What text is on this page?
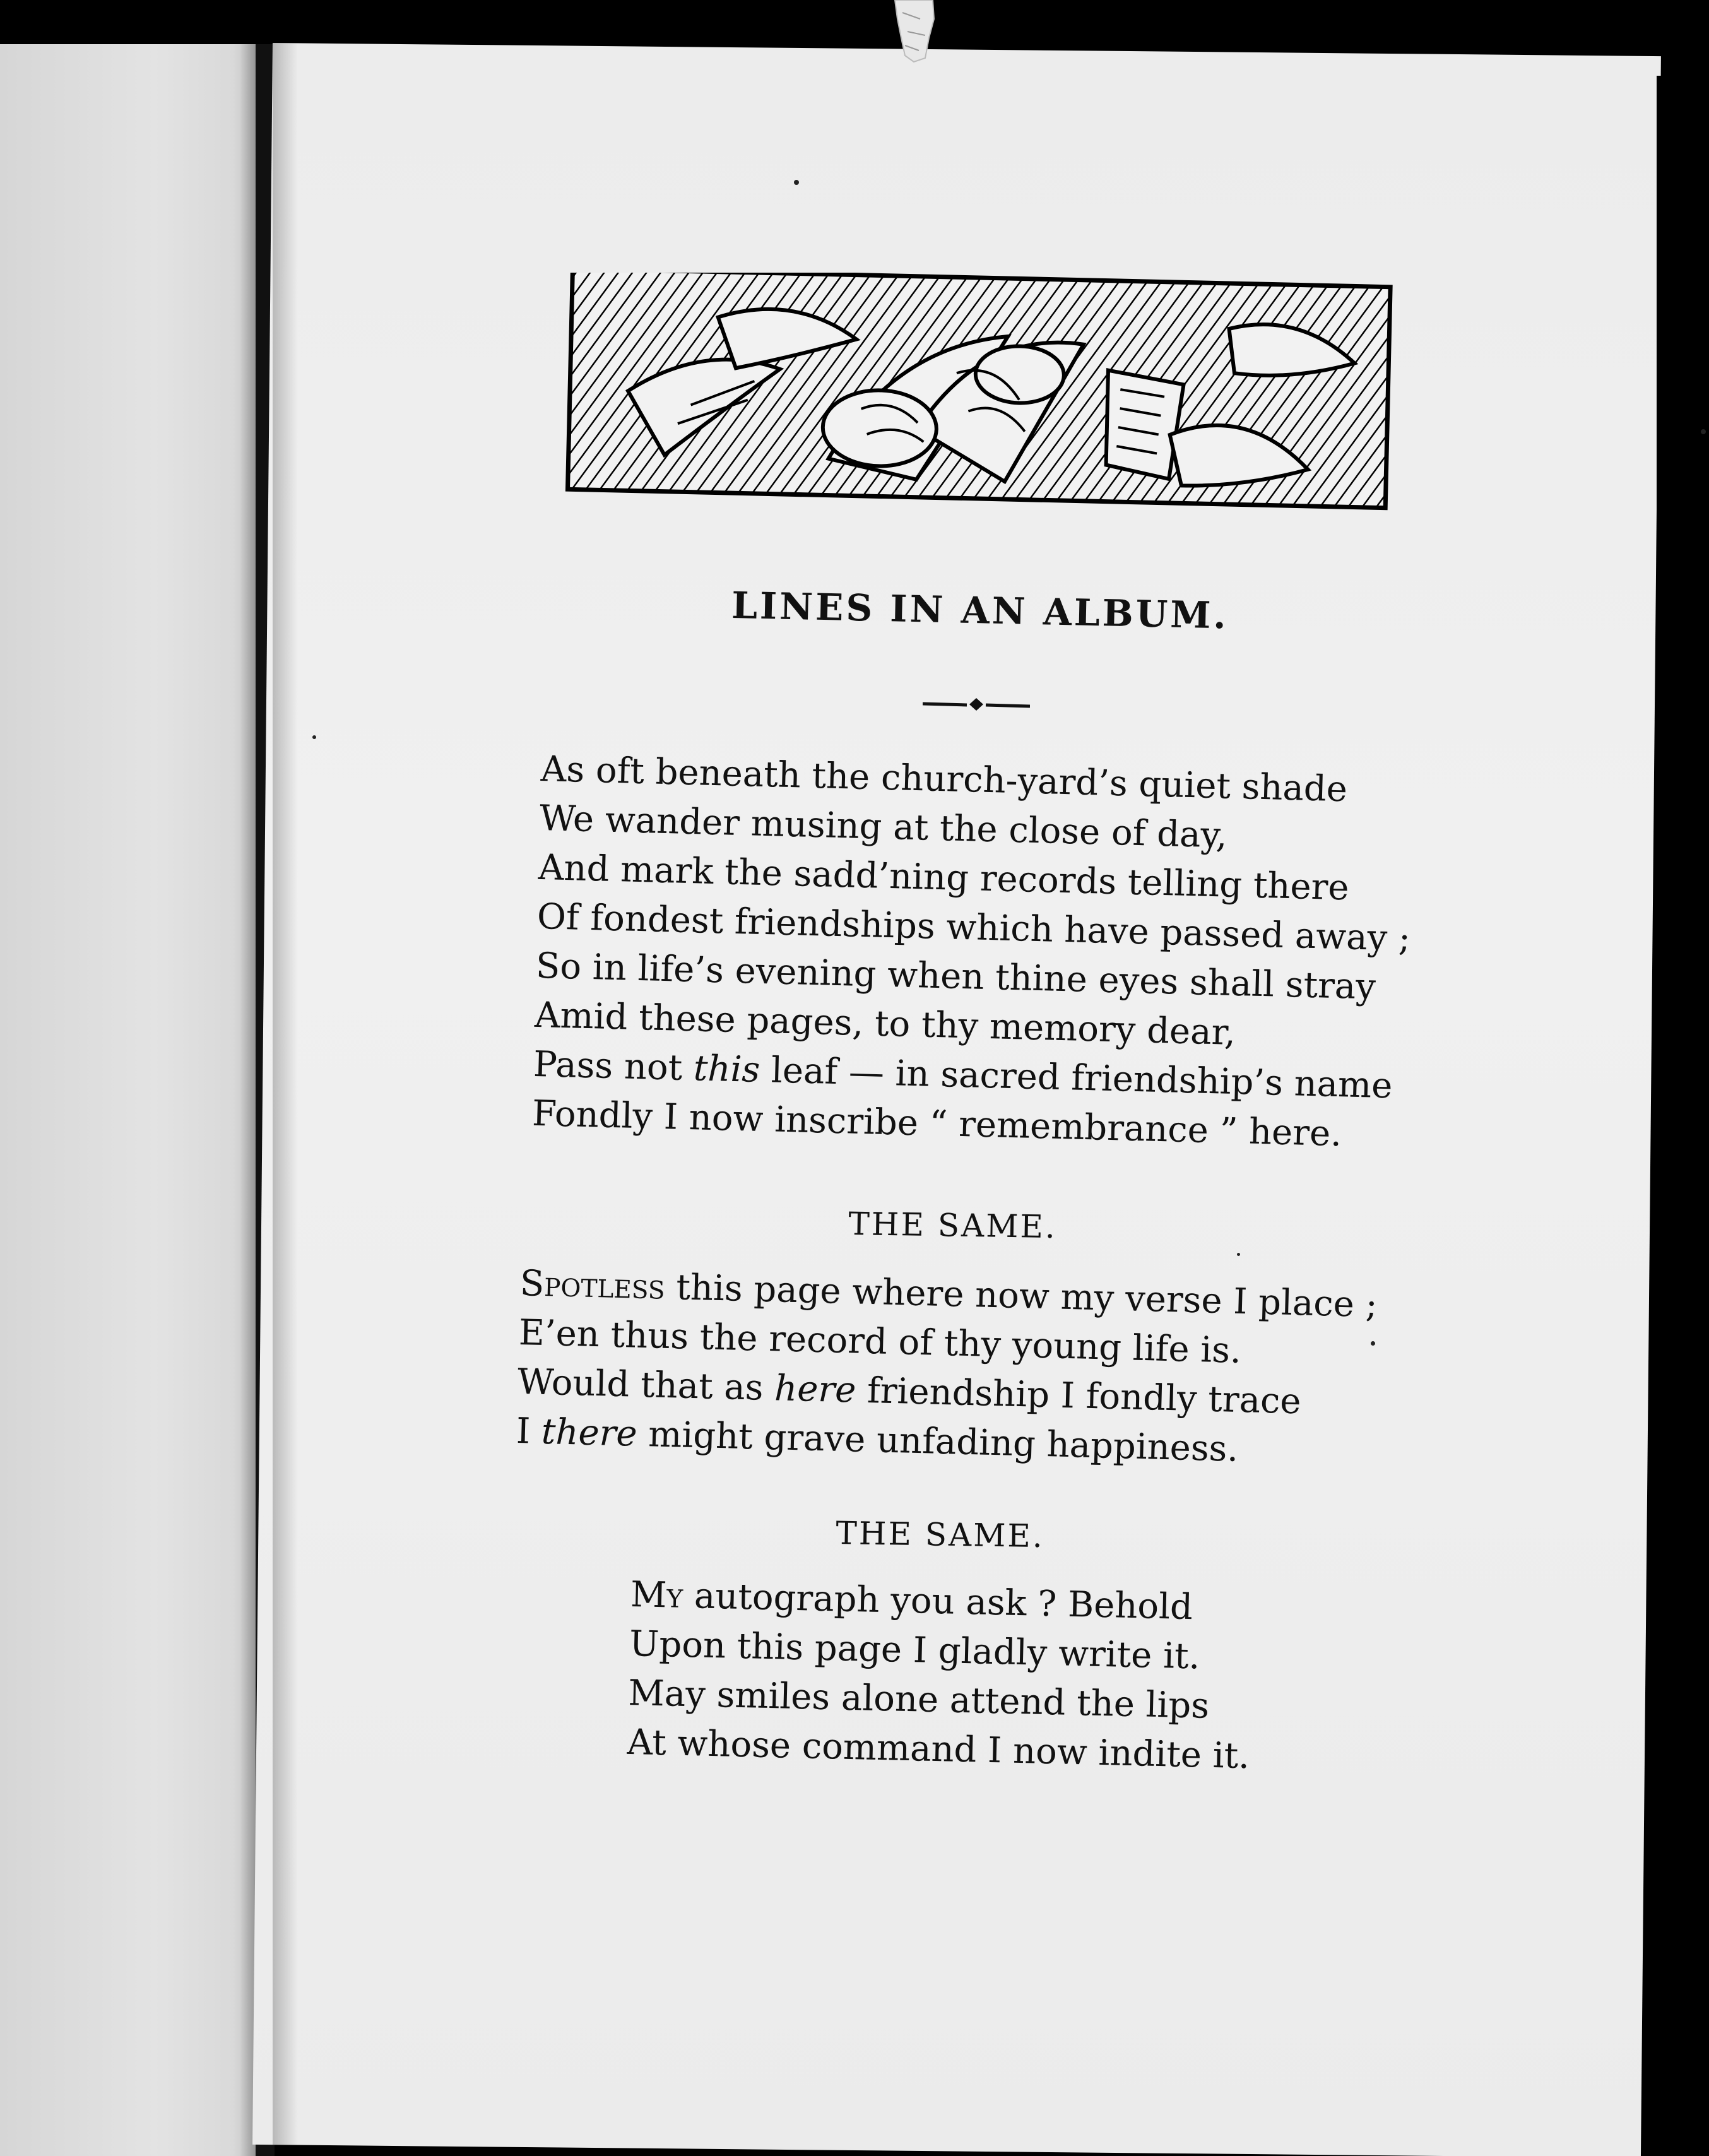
LINES IN AN ALBUM.
As oft beneath the church-yard’s quiet shade
We wander musing at the close of day,
And mark the sadd’ning records telling there
Of fondest friendships which have passed away ;
So in life’s evening when thine eyes shall stray
Amid these pages, to thy memory dear,
Pass not this leaf — in sacred friendship’s name
Fondly I now inscribe “ remembrance ” here.
THE SAME.
Spotless this page where now my verse I place ;
E’en thus the record of thy young life is.
Would that as here friendship I fondly trace
I there might grave unfading happiness.
THE SAME.
My autograph you ask ? Behold
Upon this page I gladly write it.
May smiles alone attend the lips
At whose command I now indite it.
